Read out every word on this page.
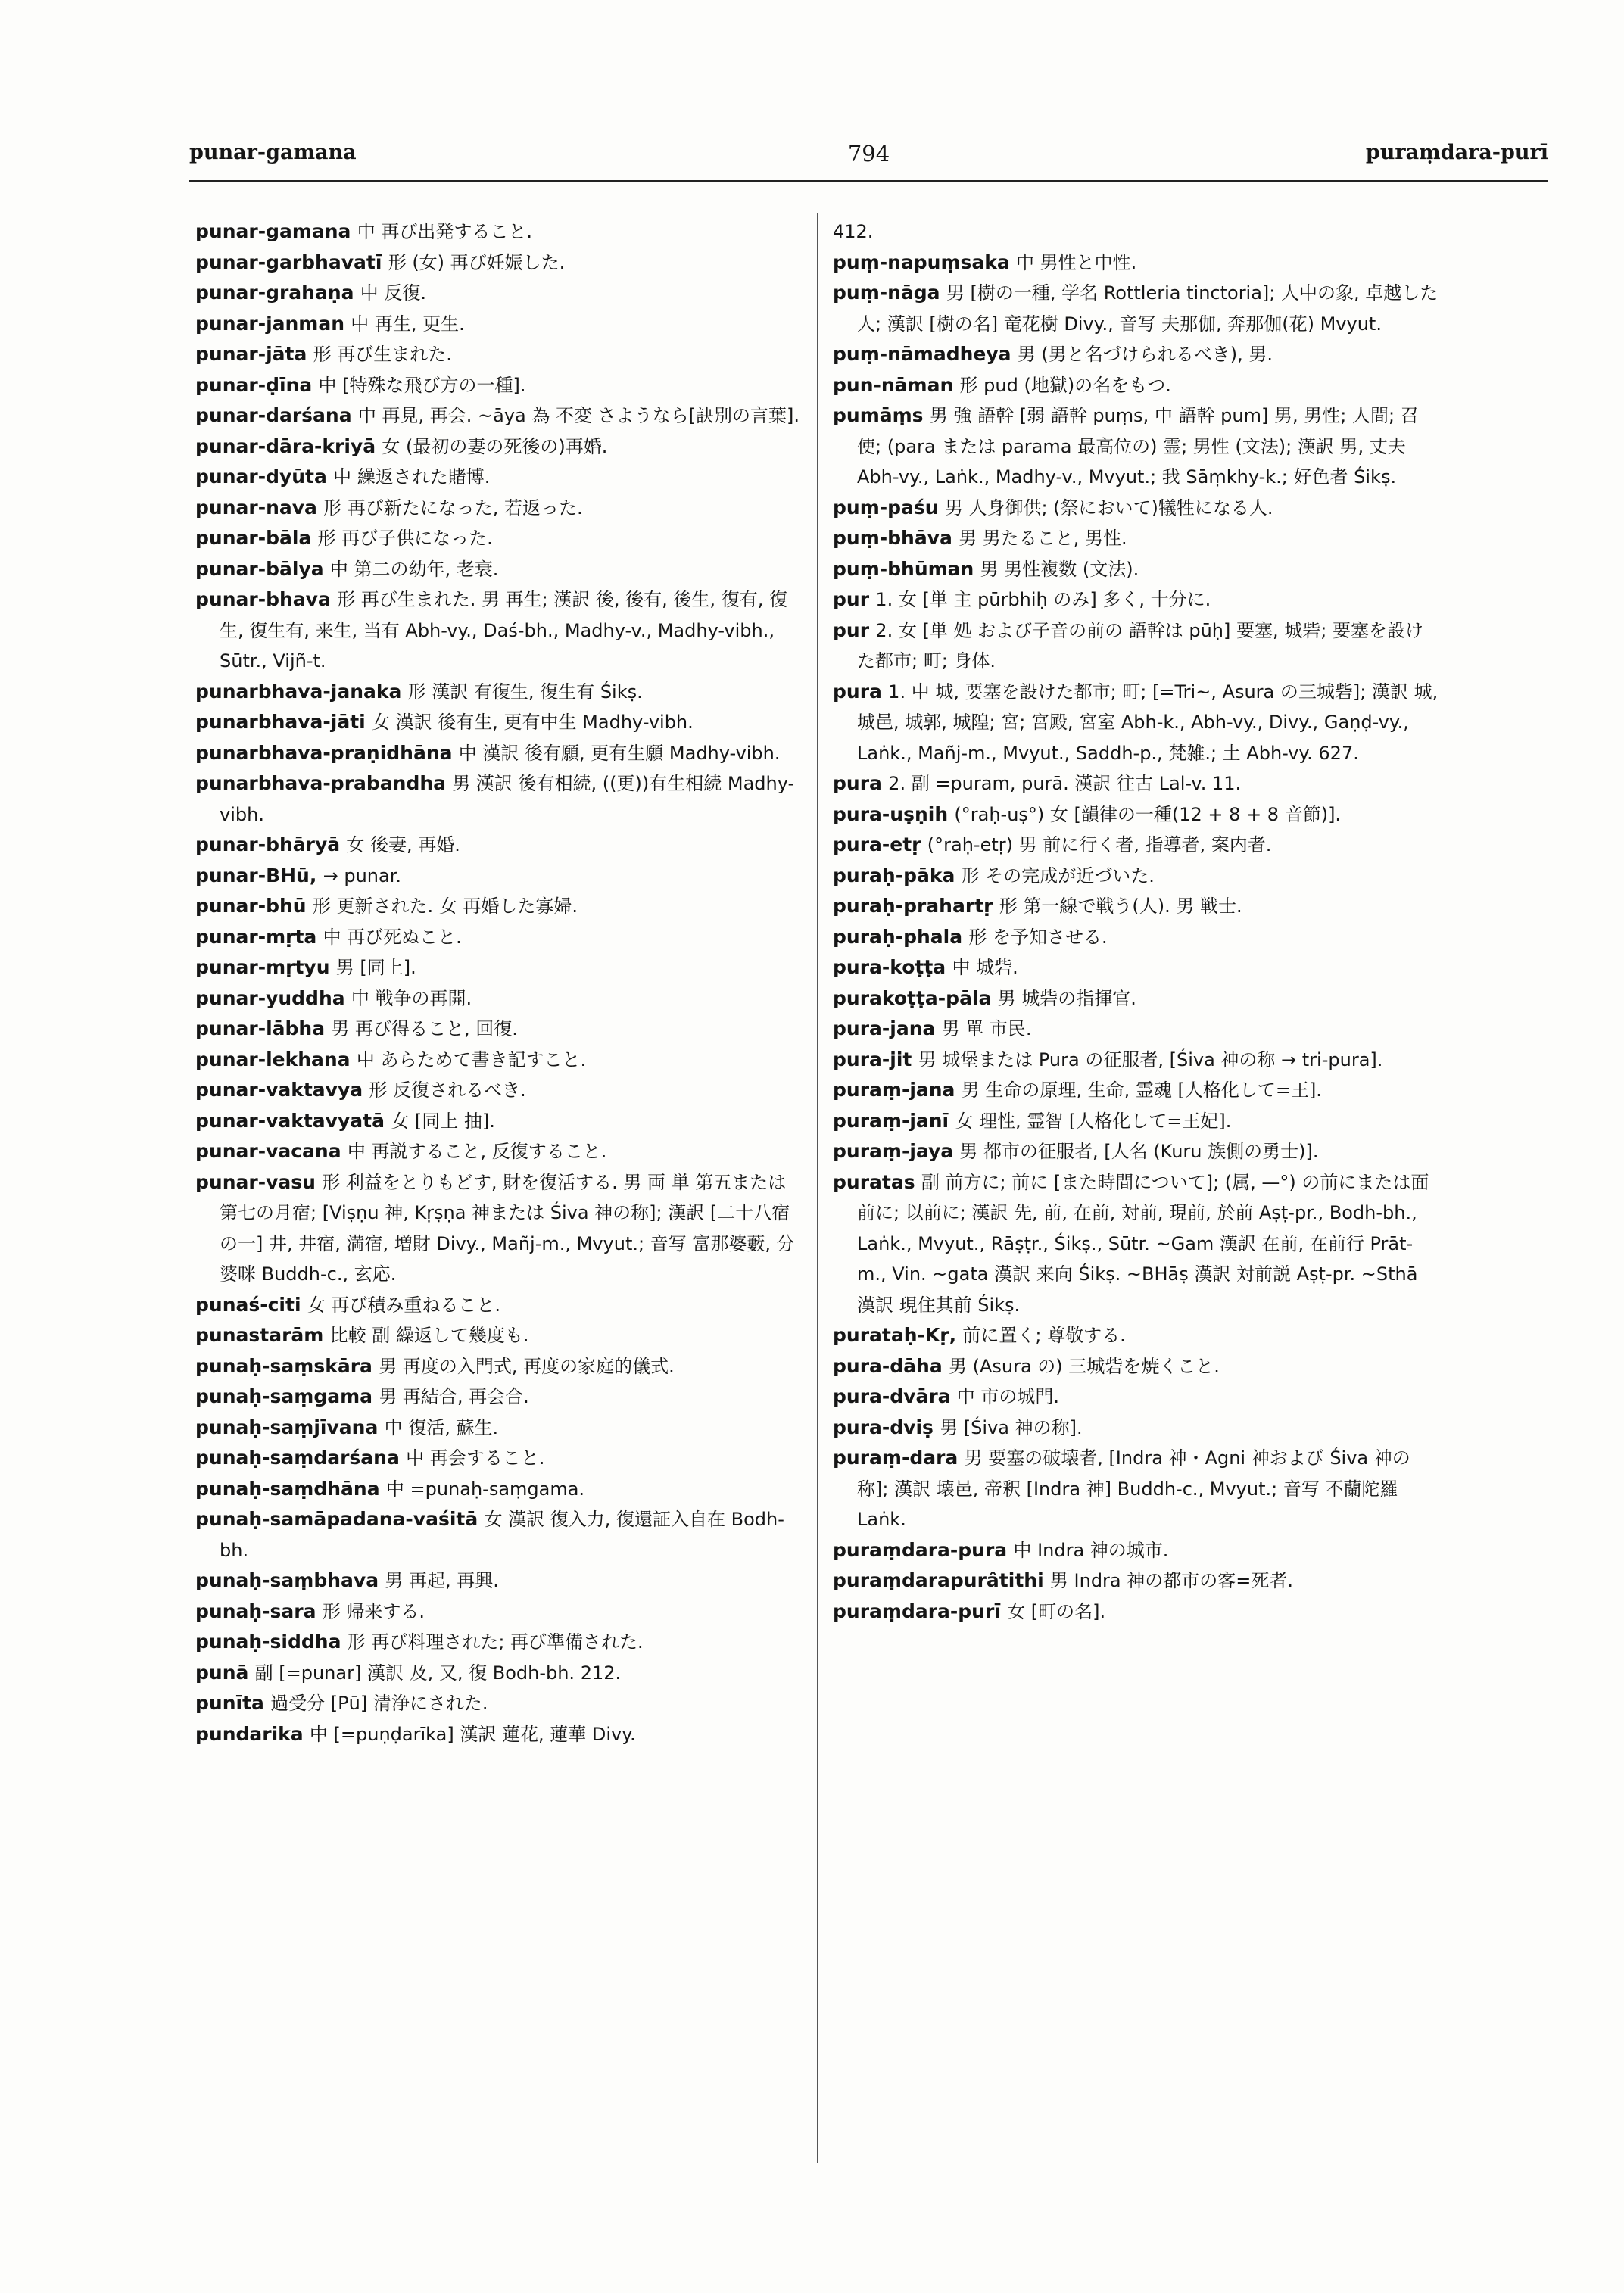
punar-gamana	794	puraṃdara-purī

punar-gamana 中 再び出発すること.

punar-garbhavatī 形 (女) 再び妊娠した.

punar-grahaṇa 中 反復.

punar-janman 中 再生, 更生.

punar-jāta 形 再び生まれた.

punar-ḍīna 中 [特殊な飛び方の一種].

punar-darśana 中 再見, 再会. ~āya 為 不変 さようなら[訣別の言葉].

punar-dāra-kriyā 女 (最初の妻の死後の)再婚.

punar-dyūta 中 繰返された賭博.

punar-nava 形 再び新たになった, 若返った.

punar-bāla 形 再び子供になった.

punar-bālya 中 第二の幼年, 老衰.

punar-bhava 形 再び生まれた. 男 再生; 漢訳 後, 後有, 後生, 復有, 復生, 復生有, 来生, 当有 Abh-vy., Daś-bh., Madhy-v., Madhy-vibh., Sūtr., Vijñ-t.

punarbhava-janaka 形 漢訳 有復生, 復生有 Śikṣ.

punarbhava-jāti 女 漢訳 後有生, 更有中生 Madhy-vibh.

punarbhava-praṇidhāna 中 漢訳 後有願, 更有生願 Madhy-vibh.

punarbhava-prabandha 男 漢訳 後有相続, ((更))有生相続 Madhy-vibh.

punar-bhāryā 女 後妻, 再婚.

punar-BHū, → punar.

punar-bhū 形 更新された. 女 再婚した寡婦.

punar-mṛta 中 再び死ぬこと.

punar-mṛtyu 男 [同上].

punar-yuddha 中 戦争の再開.

punar-lābha 男 再び得ること, 回復.

punar-lekhana 中 あらためて書き記すこと.

punar-vaktavya 形 反復されるべき.

punar-vaktavyatā 女 [同上 抽].

punar-vacana 中 再説すること, 反復すること.

punar-vasu 形 利益をとりもどす, 財を復活する. 男 両 単 第五または第七の月宿; [Viṣṇu 神, Kṛṣṇa 神または Śiva 神の称]; 漢訳 [二十八宿の一] 井, 井宿, 満宿, 増財 Divy., Mañj-m., Mvyut.; 音写 富那婆藪, 分婆咪 Buddh-c., 玄応.

punaś-citi 女 再び積み重ねること.

punastarām 比較 副 繰返して幾度も.

punaḥ-saṃskāra 男 再度の入門式, 再度の家庭的儀式.

punaḥ-saṃgama 男 再結合, 再会合.

punaḥ-saṃjīvana 中 復活, 蘇生.

punaḥ-saṃdarśana 中 再会すること.

punaḥ-saṃdhāna 中 =punaḥ-saṃgama.

punaḥ-samāpadana-vaśitā 女 漢訳 復入力, 復還証入自在 Bodh-bh.

punaḥ-saṃbhava 男 再起, 再興.

punaḥ-sara 形 帰来する.

punaḥ-siddha 形 再び料理された; 再び準備された.

punā 副 [=punar] 漢訳 及, 又, 復 Bodh-bh. 212.

punīta 過受分 [Pū] 清浄にされた.

pundarika 中 [=puṇḍarīka] 漢訳 蓮花, 蓮華 Divy.

412.

puṃ-napuṃsaka 中 男性と中性.

puṃ-nāga 男 [樹の一種, 学名 Rottleria tinctoria]; 人中の象, 卓越した人; 漢訳 [樹の名] 竜花樹 Divy., 音写 夫那伽, 奔那伽(花) Mvyut.

puṃ-nāmadheya 男 (男と名づけられるべき), 男.

pun-nāman 形 pud (地獄)の名をもつ.

pumāṃs 男 強 語幹 [弱 語幹 puṃs, 中 語幹 pum] 男, 男性; 人間; 召使; (para または parama 最高位の) 霊; 男性 (文法); 漢訳 男, 丈夫 Abh-vy., Laṅk., Madhy-v., Mvyut.; 我 Sāṃkhy-k.; 好色者 Śikṣ.

puṃ-paśu 男 人身御供; (祭において)犠牲になる人.

puṃ-bhāva 男 男たること, 男性.

puṃ-bhūman 男 男性複数 (文法).

pur 1. 女 [単 主 pūrbhiḥ のみ] 多く, 十分に.

pur 2. 女 [単 処 および子音の前の 語幹は pūḥ] 要塞, 城砦; 要塞を設けた都市; 町; 身体.

pura 1. 中 城, 要塞を設けた都市; 町; [=Tri~, Asura の三城砦]; 漢訳 城, 城邑, 城郭, 城隍; 宮; 宮殿, 宮室 Abh-k., Abh-vy., Divy., Gaṇḍ-vy., Laṅk., Mañj-m., Mvyut., Saddh-p., 梵雑.; 土 Abh-vy. 627.

pura 2. 副 =puram, purā. 漢訳 往古 Lal-v. 11.

pura-uṣṇih (°raḥ-uṣ°) 女 [韻律の一種(12 + 8 + 8 音節)].

pura-etṛ (°raḥ-etṛ) 男 前に行く者, 指導者, 案内者.

puraḥ-pāka 形 その完成が近づいた.

puraḥ-prahartṛ 形 第一線で戦う(人). 男 戦士.

puraḥ-phala 形 を予知させる.

pura-koṭṭa 中 城砦.

purakoṭṭa-pāla 男 城砦の指揮官.

pura-jana 男 單 市民.

pura-jit 男 城堡または Pura の征服者, [Śiva 神の称 → tri-pura].

puraṃ-jana 男 生命の原理, 生命, 霊魂 [人格化して=王].

puraṃ-janī 女 理性, 霊智 [人格化して=王妃].

puraṃ-jaya 男 都市の征服者, [人名 (Kuru 族側の勇士)].

puratas 副 前方に; 前に [また時間について]; (属, —°) の前にまたは面前に; 以前に; 漢訳 先, 前, 在前, 対前, 現前, 於前 Aṣṭ-pr., Bodh-bh., Laṅk., Mvyut., Rāṣṭr., Śikṣ., Sūtr. ~Gam 漢訳 在前, 在前行 Prāt-m., Vin. ~gata 漢訳 来向 Śikṣ. ~BHāṣ 漢訳 対前説 Aṣṭ-pr. ~Sthā 漢訳 現住其前 Śikṣ.

purataḥ-Kṛ, 前に置く; 尊敬する.

pura-dāha 男 (Asura の) 三城砦を焼くこと.

pura-dvāra 中 市の城門.

pura-dviṣ 男 [Śiva 神の称].

puraṃ-dara 男 要塞の破壊者, [Indra 神・Agni 神および Śiva 神の称]; 漢訳 壊邑, 帝釈 [Indra 神] Buddh-c., Mvyut.; 音写 不蘭陀羅 Laṅk.

puraṃdara-pura 中 Indra 神の城市.

puraṃdarapurâtithi 男 Indra 神の都市の客=死者.

puraṃdara-purī 女 [町の名].
